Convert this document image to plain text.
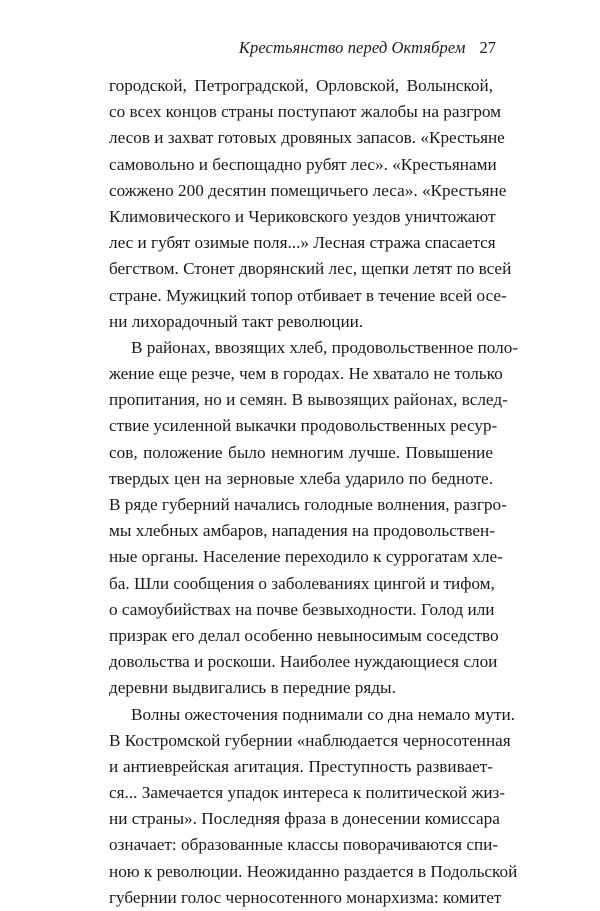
Крестьянство перед Октябрем 27
городской, Петроградской, Орловской, Волынской,
со всех концов страны поступают жалобы на разгром
лесов и захват готовых дровяных запасов. «Крестьяне
самовольно и беспощадно рубят лес». «Крестьянами
сожжено 200 десятин помещичьего леса». «Крестьяне
Климовического и Чериковского уездов уничтожают
лес и губят озимые поля...» Лесная стража спасается
бегством. Стонет дворянский лес, щепки летят по всей
стране. Мужицкий топор отбивает в течение всей осе-
ни лихорадочный такт революции.
В районах, ввозящих хлеб, продовольственное поло-
жение еще резче, чем в городах. Не хватало не только
пропитания, но и семян. В вывозящих районах, вслед-
ствие усиленной выкачки продовольственных ресур-
сов, положение было немногим лучше. Повышение
твердых цен на зерновые хлеба ударило по бедноте.
В ряде губерний начались голодные волнения, разгро-
мы хлебных амбаров, нападения на продовольствен-
ные органы. Население переходило к суррогатам хле-
ба. Шли сообщения о заболеваниях цингой и тифом,
о самоубийствах на почве безвыходности. Голод или
призрак его делал особенно невыносимым соседство
довольства и роскоши. Наиболее нуждающиеся слои
деревни выдвигались в передние ряды.
Волны ожесточения поднимали со дна немало мути.
В Костромской губернии «наблюдается черносотенная
и антиеврейская агитация. Преступность развивает-
ся... Замечается упадок интереса к политической жиз-
ни страны». Последняя фраза в донесении комиссара
означает: образованные классы поворачиваются спи-
ною к революции. Неожиданно раздается в Подольской
губернии голос черносотенного монархизма: комитет
